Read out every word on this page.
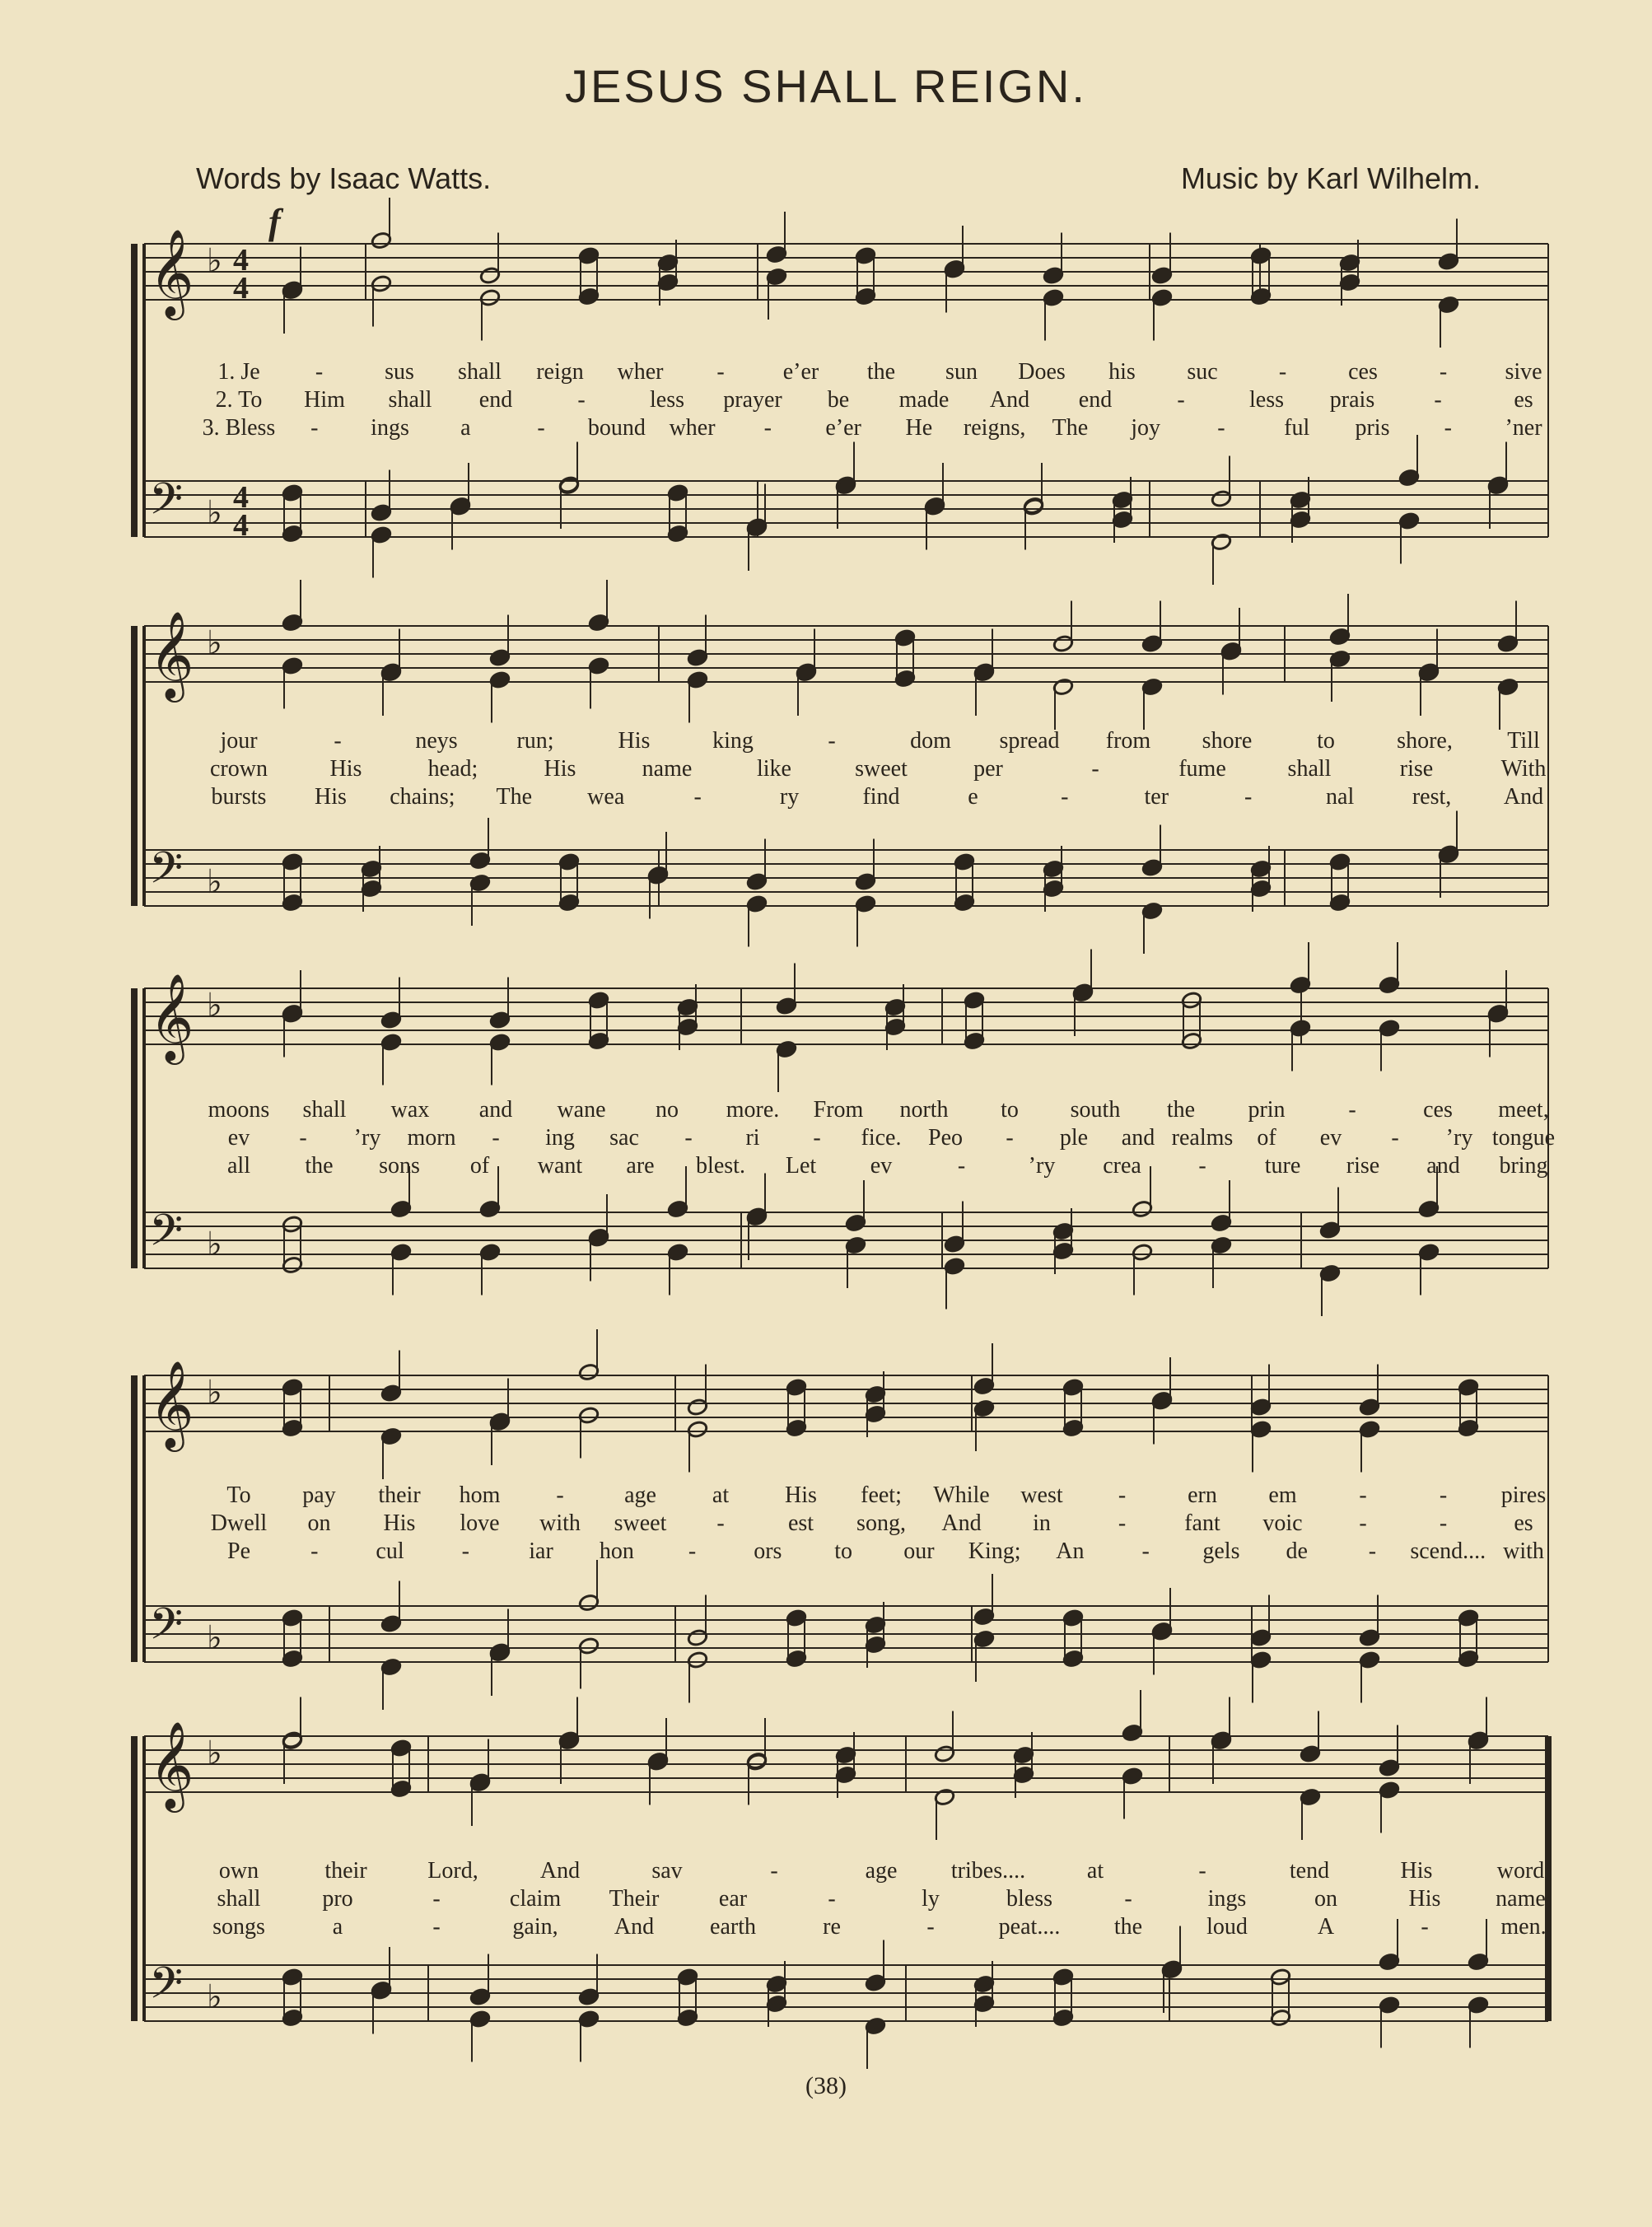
JESUS SHALL REIGN.
Words by Isaac Watts.	Music by Karl Wilhelm.
f
𝄞 ♭
𝄢 ♭
4
4
4
4
𝄞 ♭
𝄢 ♭
𝄞 ♭
𝄢 ♭
𝄞 ♭
𝄢 ♭
𝄞 ♭
𝄢 ♭
1. Je -	sus shall reign wher -	e’er the sun Does his suc	-	ces	-	sive
2. To Him shall end	-	less prayer be made And end	-	less prais	-	es
3. Bless - ings a	- bound wher - e’er He reigns, The joy -	ful pris - ’ner
jour	-	neys	run;	His	king	-	dom spread from shore	to	shore, Till
crown	His	head;	His	name	like	sweet	per	-	fume	shall	rise	With
bursts His chains; The wea	-	ry	find	e	-	ter	-	nal	rest, And
moons shall wax and wane no more. From north to south the prin	-	ces meet,
ev - ’ry morn - ing sac - ri - fice. Peo - ple and realms of ev - ’ry tongue
all the sons of want are blest. Let ev	-	’ry crea -	ture rise and bring
To pay their hom -	age at His feet; While west -	ern em	-	- pires
Dwell on His love with sweet -	est song, And in	-	fant voic -	-	es
Pe	- cul -	iar hon - ors to our King; An - gels de	- scend.... with
own	their	Lord,	And	sav	-	age tribes....	at	-	tend	His	word.
shall	pro	-	claim Their	ear	-	ly	bless	-	ings	on	His name.
songs	a	-	gain, And earth	re	-	peat.... the	loud	A	-	men.
(38)
